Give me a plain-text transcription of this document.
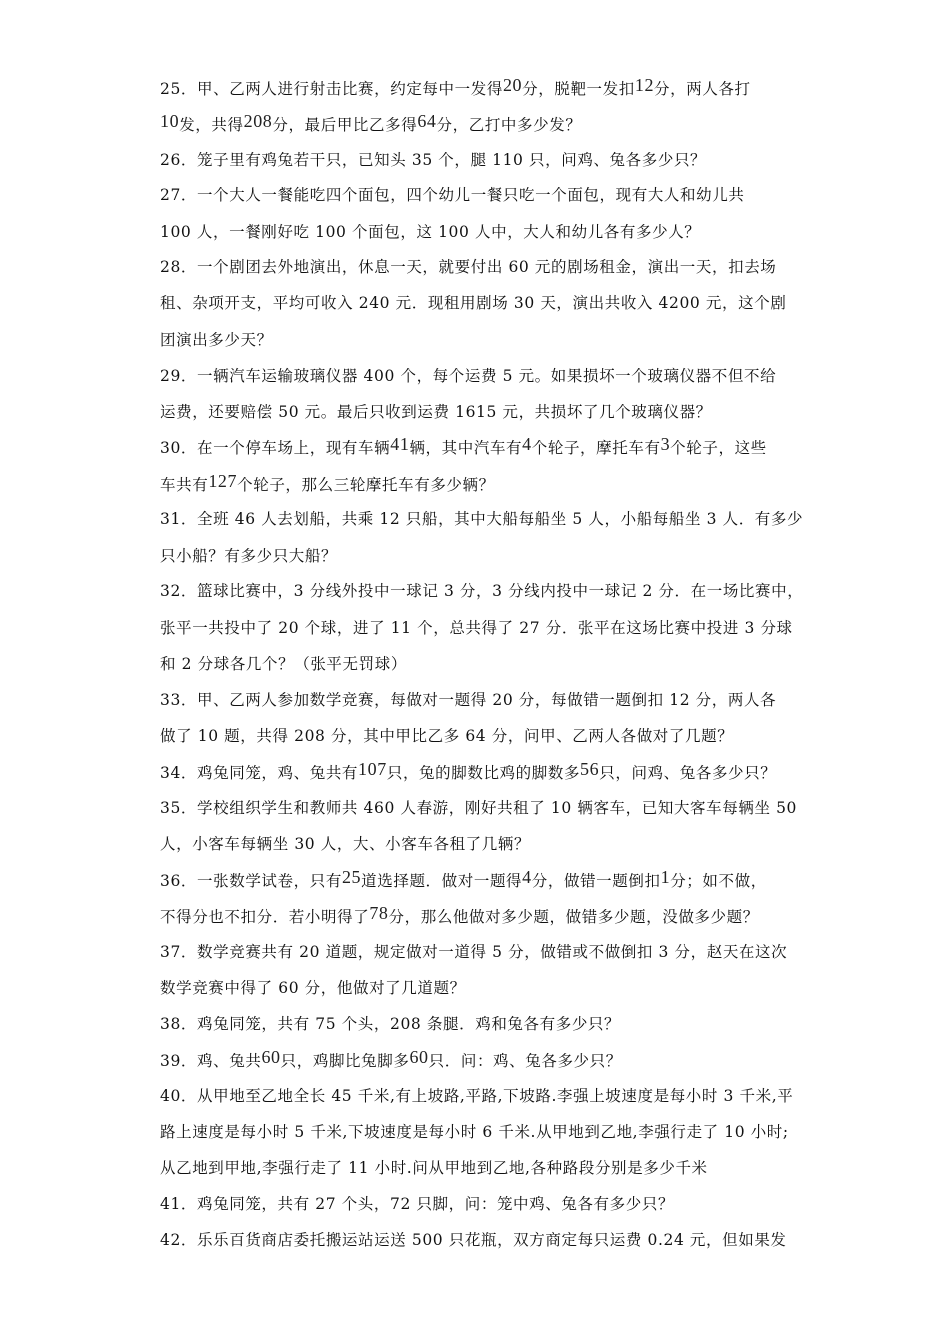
25．甲、乙两人进行射击比赛，约定每中一发得20分，脱靶一发扣12分，两人各打
10发，共得208分，最后甲比乙多得64分，乙打中多少发？
26．笼子里有鸡兔若干只，已知头 35 个，腿 110 只，问鸡、兔各多少只？
27．一个大人一餐能吃四个面包，四个幼儿一餐只吃一个面包，现有大人和幼儿共
100 人，一餐刚好吃 100 个面包，这 100 人中，大人和幼儿各有多少人？
28．一个剧团去外地演出，休息一天，就要付出 60 元的剧场租金，演出一天，扣去场
租、杂项开支，平均可收入 240 元．现租用剧场 30 天，演出共收入 4200 元，这个剧
团演出多少天？
29．一辆汽车运输玻璃仪器 400 个，每个运费 5 元。如果损坏一个玻璃仪器不但不给
运费，还要赔偿 50 元。最后只收到运费 1615 元，共损坏了几个玻璃仪器？
30．在一个停车场上，现有车辆41辆，其中汽车有4个轮子，摩托车有3个轮子，这些
车共有127个轮子，那么三轮摩托车有多少辆？
31．全班 46 人去划船，共乘 12 只船，其中大船每船坐 5 人，小船每船坐 3 人．有多少
只小船？有多少只大船？
32．篮球比赛中，3 分线外投中一球记 3 分，3 分线内投中一球记 2 分．在一场比赛中，
张平一共投中了 20 个球，进了 11 个，总共得了 27 分．张平在这场比赛中投进 3 分球
和 2 分球各几个？（张平无罚球）
33．甲、乙两人参加数学竞赛，每做对一题得 20 分，每做错一题倒扣 12 分，两人各
做了 10 题，共得 208 分，其中甲比乙多 64 分，问甲、乙两人各做对了几题？
34．鸡兔同笼，鸡、兔共有107只，兔的脚数比鸡的脚数多56只，问鸡、兔各多少只？
35．学校组织学生和教师共 460 人春游，刚好共租了 10 辆客车，已知大客车每辆坐 50
人，小客车每辆坐 30 人，大、小客车各租了几辆？
36．一张数学试卷，只有25道选择题．做对一题得4分，做错一题倒扣1分；如不做，
不得分也不扣分．若小明得了78分，那么他做对多少题，做错多少题，没做多少题？
37．数学竞赛共有 20 道题，规定做对一道得 5 分，做错或不做倒扣 3 分，赵天在这次
数学竞赛中得了 60 分，他做对了几道题？
38．鸡兔同笼，共有 75 个头，208 条腿．鸡和兔各有多少只？
39．鸡、兔共60只，鸡脚比兔脚多60只．问：鸡、兔各多少只？
40．从甲地至乙地全长 45 千米,有上坡路,平路,下坡路.李强上坡速度是每小时 3 千米,平
路上速度是每小时 5 千米,下坡速度是每小时 6 千米.从甲地到乙地,李强行走了 10 小时;
从乙地到甲地,李强行走了 11 小时.问从甲地到乙地,各种路段分别是多少千米
41．鸡兔同笼，共有 27 个头，72 只脚，问：笼中鸡、兔各有多少只？
42．乐乐百货商店委托搬运站运送 500 只花瓶，双方商定每只运费 0.24 元，但如果发
